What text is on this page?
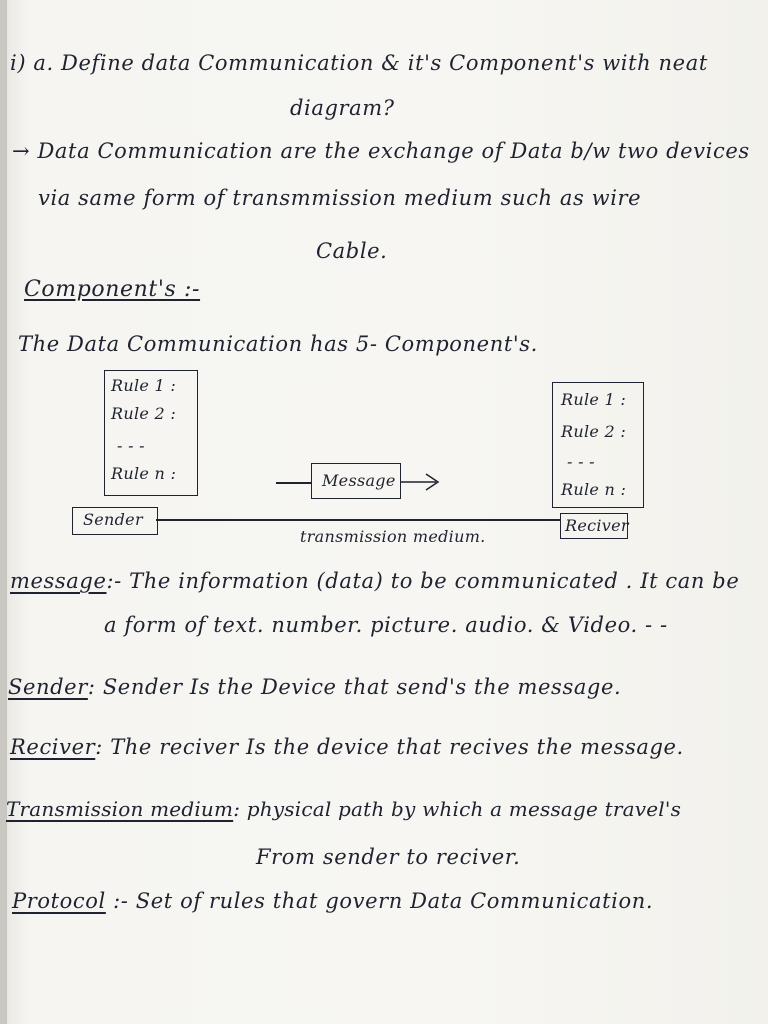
i) a. Define data Communication & it's Component's with neat
diagram?
→ Data Communication are the exchange of Data b/w two devices
via same form of transmmission medium such as wire
Cable.
Component's :-
The Data Communication has 5- Component's.
Rule 1 :
Rule 2 :
- - -
Rule n :
Rule 1 :
Rule 2 :
- - -
Rule n :
Message
Sender	Reciver
transmission medium.
message:- The information (data) to be communicated . It can be
a form of text. number. picture. audio. & Video. - -
Sender: Sender Is the Device that send's the message.
Reciver: The reciver Is the device that recives the message.
Transmission medium: physical path by which a message travel's
From sender to reciver.
Protocol :- Set of rules that govern Data Communication.
